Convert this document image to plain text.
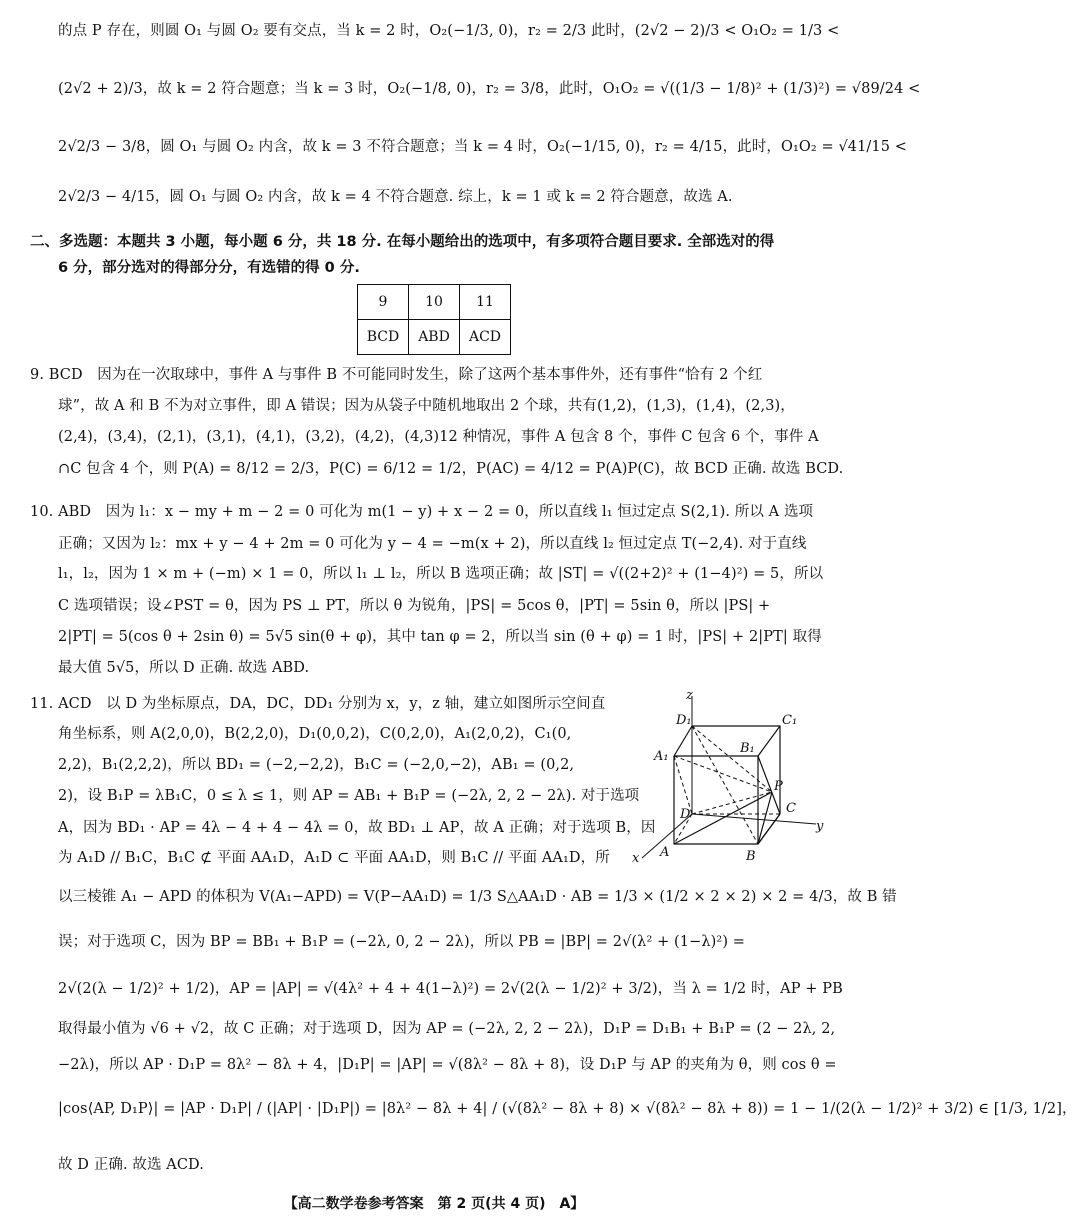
的点 P 存在，则圆 O₁ 与圆 O₂ 要有交点，当 k = 2 时，O₂(−1/3, 0)，r₂ = 2/3 此时，(2√2 − 2)/3 < O₁O₂ = 1/3 <
(2√2 + 2)/3，故 k = 2 符合题意；当 k = 3 时，O₂(−1/8, 0)，r₂ = 3/8，此时，O₁O₂ = √((1/3 − 1/8)² + (1/3)²) = √89/24 <
2√2/3 − 3/8，圆 O₁ 与圆 O₂ 内含，故 k = 3 不符合题意；当 k = 4 时，O₂(−1/15, 0)，r₂ = 4/15，此时，O₁O₂ = √41/15 <
2√2/3 − 4/15，圆 O₁ 与圆 O₂ 内含，故 k = 4 不符合题意. 综上，k = 1 或 k = 2 符合题意，故选 A.
二、多选题：本题共 3 小题，每小题 6 分，共 18 分. 在每小题给出的选项中，有多项符合题目要求. 全部选对的得
6 分，部分选对的得部分分，有选错的得 0 分.
9	10	11
BCD	ABD	ACD
9. BCD　因为在一次取球中，事件 A 与事件 B 不可能同时发生，除了这两个基本事件外，还有事件“恰有 2 个红
球”，故 A 和 B 不为对立事件，即 A 错误；因为从袋子中随机地取出 2 个球，共有(1,2)，(1,3)，(1,4)，(2,3)，
(2,4)，(3,4)，(2,1)，(3,1)，(4,1)，(3,2)，(4,2)，(4,3)12 种情况，事件 A 包含 8 个，事件 C 包含 6 个，事件 A
∩C 包含 4 个，则 P(A) = 8/12 = 2/3，P(C) = 6/12 = 1/2，P(AC) = 4/12 = P(A)P(C)，故 BCD 正确. 故选 BCD.
10. ABD　因为 l₁：x − my + m − 2 = 0 可化为 m(1 − y) + x − 2 = 0，所以直线 l₁ 恒过定点 S(2,1). 所以 A 选项
正确；又因为 l₂：mx + y − 4 + 2m = 0 可化为 y − 4 = −m(x + 2)，所以直线 l₂ 恒过定点 T(−2,4). 对于直线
l₁，l₂，因为 1 × m + (−m) × 1 = 0，所以 l₁ ⊥ l₂，所以 B 选项正确；故 |ST| = √((2+2)² + (1−4)²) = 5，所以
C 选项错误；设∠PST = θ，因为 PS ⊥ PT，所以 θ 为锐角，|PS| = 5cos θ，|PT| = 5sin θ，所以 |PS| +
2|PT| = 5(cos θ + 2sin θ) = 5√5 sin(θ + φ)，其中 tan φ = 2，所以当 sin (θ + φ) = 1 时，|PS| + 2|PT| 取得
最大值 5√5，所以 D 正确. 故选 ABD.
11. ACD　以 D 为坐标原点，DA，DC，DD₁ 分别为 x，y，z 轴，建立如图所示空间直
角坐标系，则 A(2,0,0)，B(2,2,0)，D₁(0,0,2)，C(0,2,0)，A₁(2,0,2)，C₁(0,
2,2)，B₁(2,2,2)，所以 BD₁ = (−2,−2,2)，B₁C = (−2,0,−2)，AB₁ = (0,2,
2)，设 B₁P = λB₁C，0 ≤ λ ≤ 1，则 AP = AB₁ + B₁P = (−2λ, 2, 2 − 2λ). 对于选项
A，因为 BD₁ · AP = 4λ − 4 + 4 − 4λ = 0，故 BD₁ ⊥ AP，故 A 正确；对于选项 B，因
为 A₁D // B₁C，B₁C ⊄ 平面 AA₁D，A₁D ⊂ 平面 AA₁D，则 B₁C // 平面 AA₁D，所
以三棱锥 A₁ − APD 的体积为 V(A₁−APD) = V(P−AA₁D) = 1/3 S△AA₁D · AB = 1/3 × (1/2 × 2 × 2) × 2 = 4/3，故 B 错
误；对于选项 C，因为 BP = BB₁ + B₁P = (−2λ, 0, 2 − 2λ)，所以 PB = |BP| = 2√(λ² + (1−λ)²) =
2√(2(λ − 1/2)² + 1/2)，AP = |AP| = √(4λ² + 4 + 4(1−λ)²) = 2√(2(λ − 1/2)² + 3/2)，当 λ = 1/2 时，AP + PB
取得最小值为 √6 + √2，故 C 正确；对于选项 D，因为 AP = (−2λ, 2, 2 − 2λ)，D₁P = D₁B₁ + B₁P = (2 − 2λ, 2,
−2λ)，所以 AP · D₁P = 8λ² − 8λ + 4，|D₁P| = |AP| = √(8λ² − 8λ + 8)，设 D₁P 与 AP 的夹角为 θ，则 cos θ =
|cos⟨AP, D₁P⟩| = |AP · D₁P| / (|AP| · |D₁P|) = |8λ² − 8λ + 4| / (√(8λ² − 8λ + 8) × √(8λ² − 8λ + 8)) = 1 − 1/(2(λ − 1/2)² + 3/2) ∈ [1/3, 1/2]，
故 D 正确. 故选 ACD.
z
D₁	C₁
A₁
B₁
P
D	C
y
x A	B
【高二数学卷参考答案　第 2 页(共 4 页)　A】
